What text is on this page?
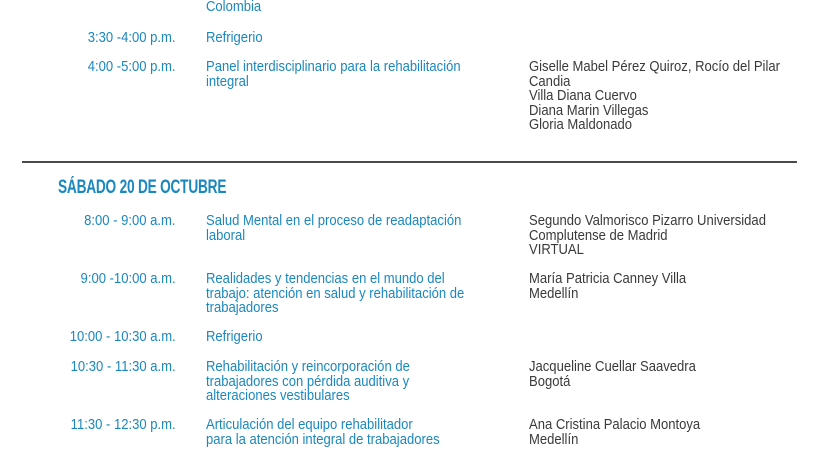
Colombia
3:30 -4:00 p.m. Refrigerio
4:00 -5:00 p.m. Panel interdisciplinario para la rehabilitación
integral
Giselle Mabel Pérez Quiroz, Rocío del Pilar
Candia
Villa Diana Cuervo
Diana Marin Villegas
Gloria Maldonado
SÁBADO 20 DE OCTUBRE
8:00 - 9:00 a.m. Salud Mental en el proceso de readaptación
laboral
Segundo Valmorisco Pizarro Universidad
Complutense de Madrid
VIRTUAL
9:00 -10:00 a.m. Realidades y tendencias en el mundo del
trabajo: atención en salud y rehabilitación de
trabajadores
María Patricia Canney Villa
Medellín
10:00 - 10:30 a.m. Refrigerio
10:30 - 11:30 a.m. Rehabilitación y reincorporación de
trabajadores con pérdida auditiva y
alteraciones vestibulares
Jacqueline Cuellar Saavedra
Bogotá
11:30 - 12:30 p.m. Articulación del equipo rehabilitador
para la atención integral de trabajadores
Ana Cristina Palacio Montoya
Medellín
